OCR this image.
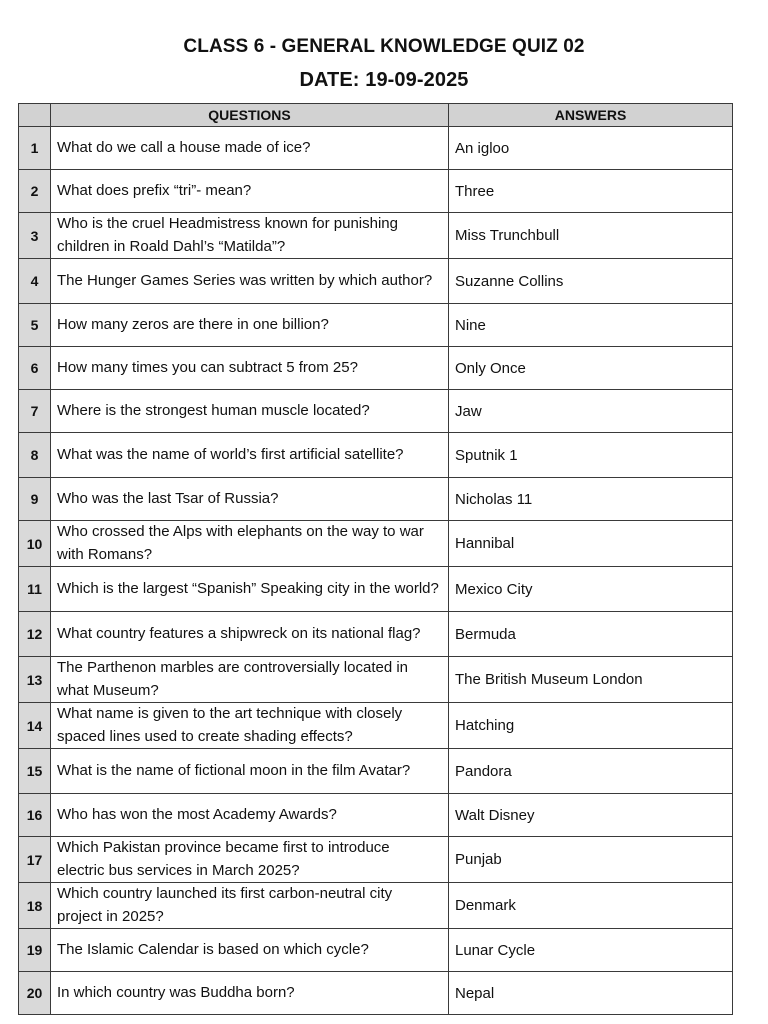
CLASS 6 - GENERAL KNOWLEDGE QUIZ 02
DATE: 19-09-2025
	QUESTIONS	ANSWERS
1	What do we call a house made of ice?	An igloo
2	What does prefix “tri”- mean?	Three
3	Who is the cruel Headmistress known for punishing children in Roald Dahl’s “Matilda”?	Miss Trunchbull
4	The Hunger Games Series was written by which author?	Suzanne Collins
5	How many zeros are there in one billion?	Nine
6	How many times you can subtract 5 from 25?	Only Once
7	Where is the strongest human muscle located?	Jaw
8	What was the name of world’s first artificial satellite?	Sputnik 1
9	Who was the last Tsar of Russia?	Nicholas 11
10	Who crossed the Alps with elephants on the way to war with Romans?	Hannibal
11	Which is the largest “Spanish” Speaking city in the world?	Mexico City
12	What country features a shipwreck on its national flag?	Bermuda
13	The Parthenon marbles are controversially located in what Museum?	The British Museum London
14	What name is given to the art technique with closely spaced lines used to create shading effects?	Hatching
15	What is the name of fictional moon in the film Avatar?	Pandora
16	Who has won the most Academy Awards?	Walt Disney
17	Which Pakistan province became first to introduce electric bus services in March 2025?	Punjab
18	Which country launched its first carbon-neutral city project in 2025?	Denmark
19	The Islamic Calendar is based on which cycle?	Lunar Cycle
20	In which country was Buddha born?	Nepal
